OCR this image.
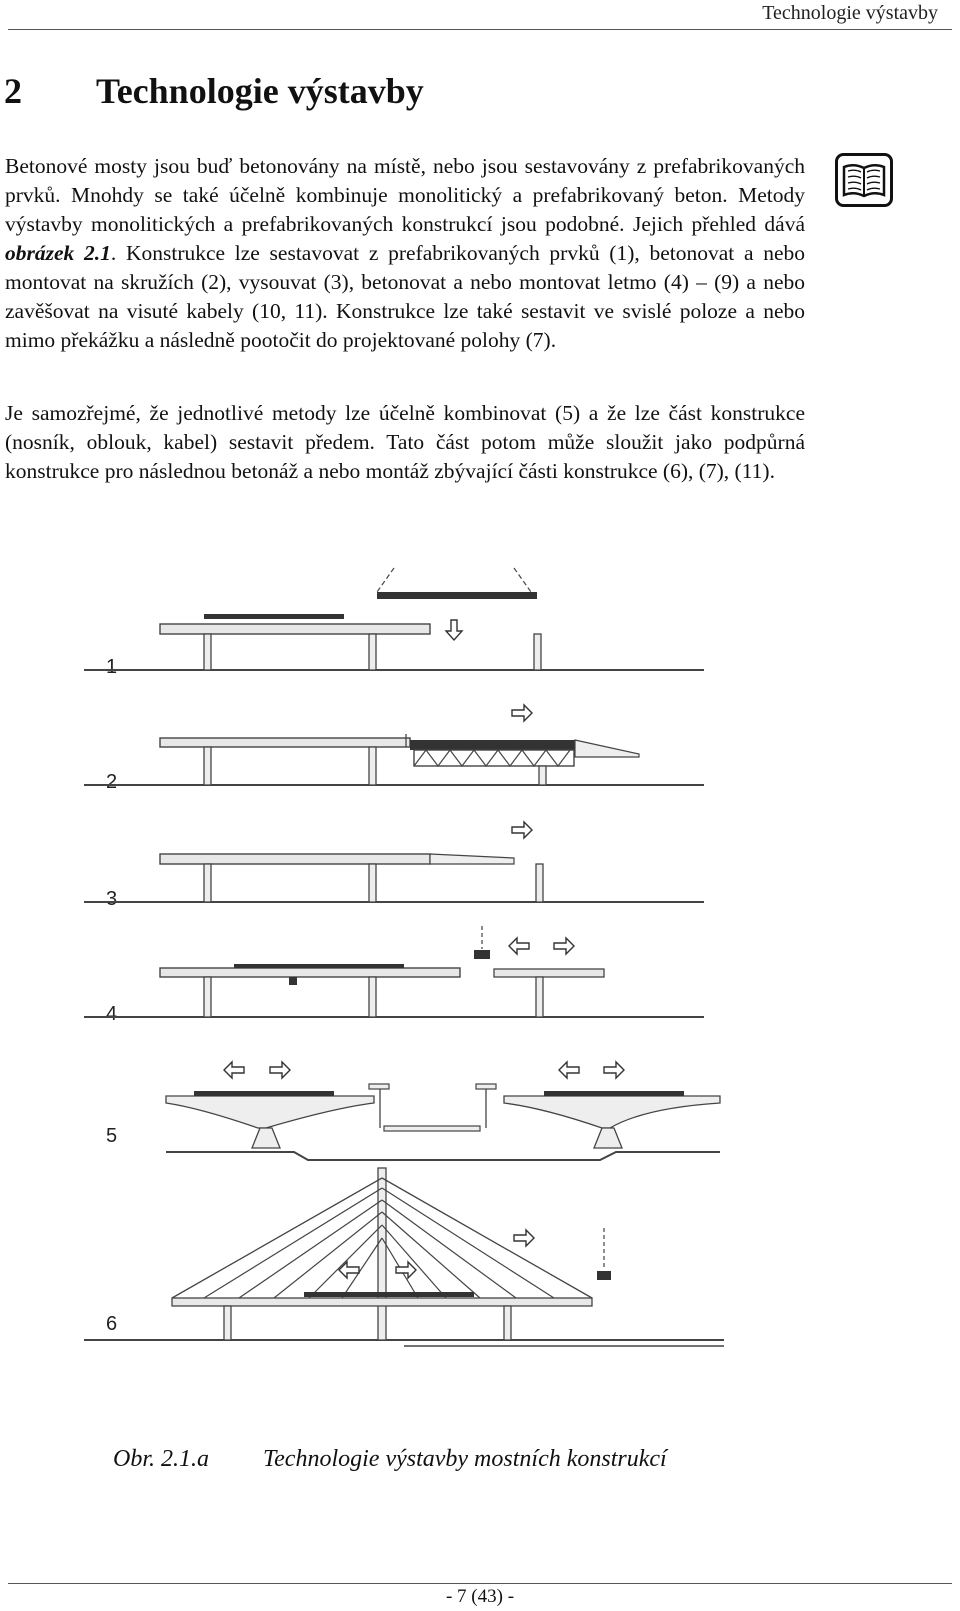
Technologie výstavby
2 Technologie výstavby
Betonové mosty jsou buď betonovány na místě, nebo jsou sestavovány z prefabrikovaných prvků. Mnohdy se také účelně kombinuje monolitický a prefabrikovaný beton. Metody výstavby monolitických a prefabrikovaných konstrukcí jsou podobné. Jejich přehled dává obrázek 2.1. Konstrukce lze sestavovat z prefabrikovaných prvků (1), betonovat a nebo montovat na skružích (2), vysouvat (3), betonovat a nebo montovat letmo (4) – (9) a nebo zavěšovat na visuté kabely (10, 11). Konstrukce lze také sestavit ve svislé poloze a nebo mimo překážku a následně pootočit do projektované polohy (7).
Je samozřejmé, že jednotlivé metody lze účelně kombinovat (5) a že lze část konstrukce (nosník, oblouk, kabel) sestavit předem. Tato část potom může sloužit jako podpůrná konstrukce pro následnou betonáž a nebo montáž zbývající části konstrukce (6), (7), (11).
1
2
3
4
5
6
Obr. 2.1.a Technologie výstavby mostních konstrukcí
- 7 (43) -
